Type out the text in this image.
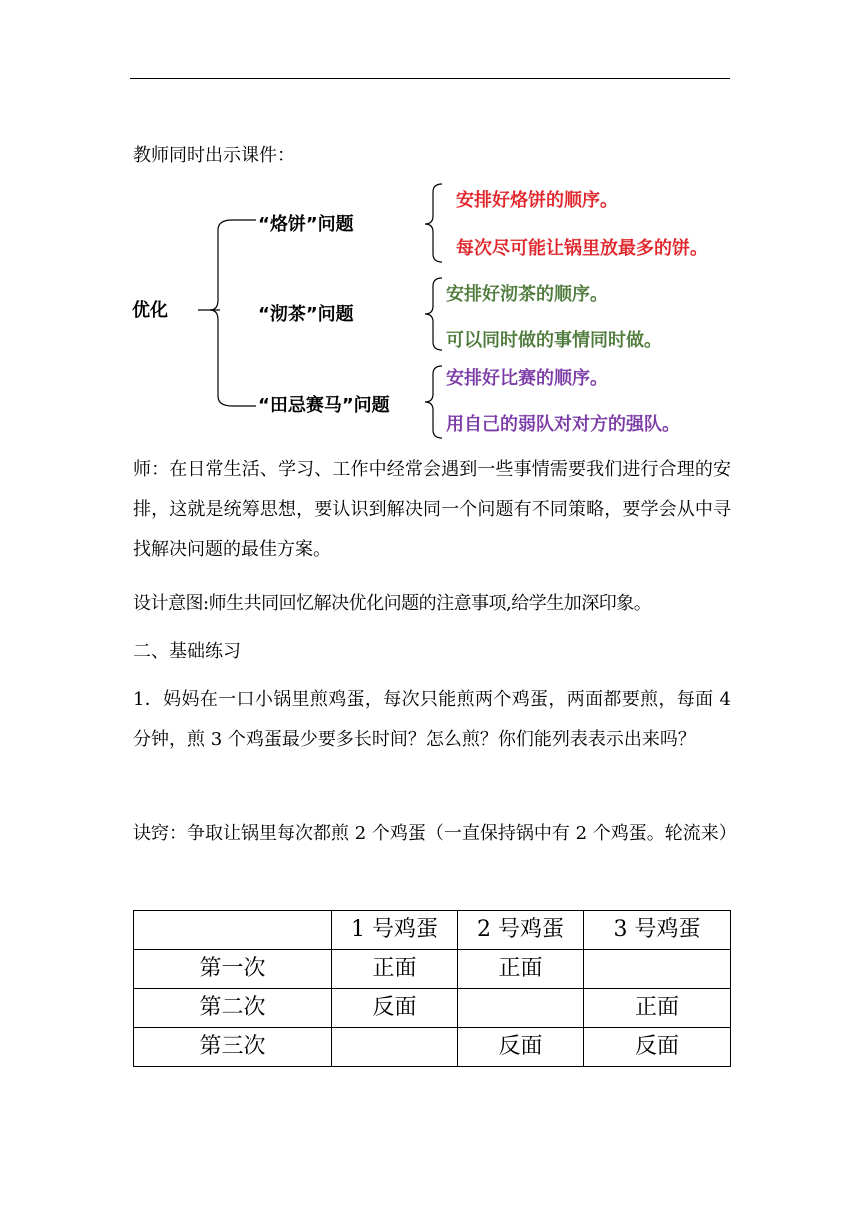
教师同时出示课件：

优化
“烙饼”问题
“沏茶”问题
“田忌赛马”问题
安排好烙饼的顺序。
每次尽可能让锅里放最多的饼。
安排好沏茶的顺序。
可以同时做的事情同时做。
安排好比赛的顺序。
用自己的弱队对对方的强队。

师：在日常生活、学习、工作中经常会遇到一些事情需要我们进行合理的安排，这就是统筹思想，要认识到解决同一个问题有不同策略，要学会从中寻找解决问题的最佳方案。

设计意图:师生共同回忆解决优化问题的注意事项,给学生加深印象。

二、基础练习

1．妈妈在一口小锅里煎鸡蛋，每次只能煎两个鸡蛋，两面都要煎，每面 4 分钟，煎 3 个鸡蛋最少要多长时间？怎么煎？你们能列表表示出来吗？

诀窍：争取让锅里每次都煎 2 个鸡蛋（一直保持锅中有 2 个鸡蛋。轮流来）

	1 号鸡蛋	2 号鸡蛋	3 号鸡蛋
第一次	正面	正面	
第二次	反面		正面
第三次		反面	反面
